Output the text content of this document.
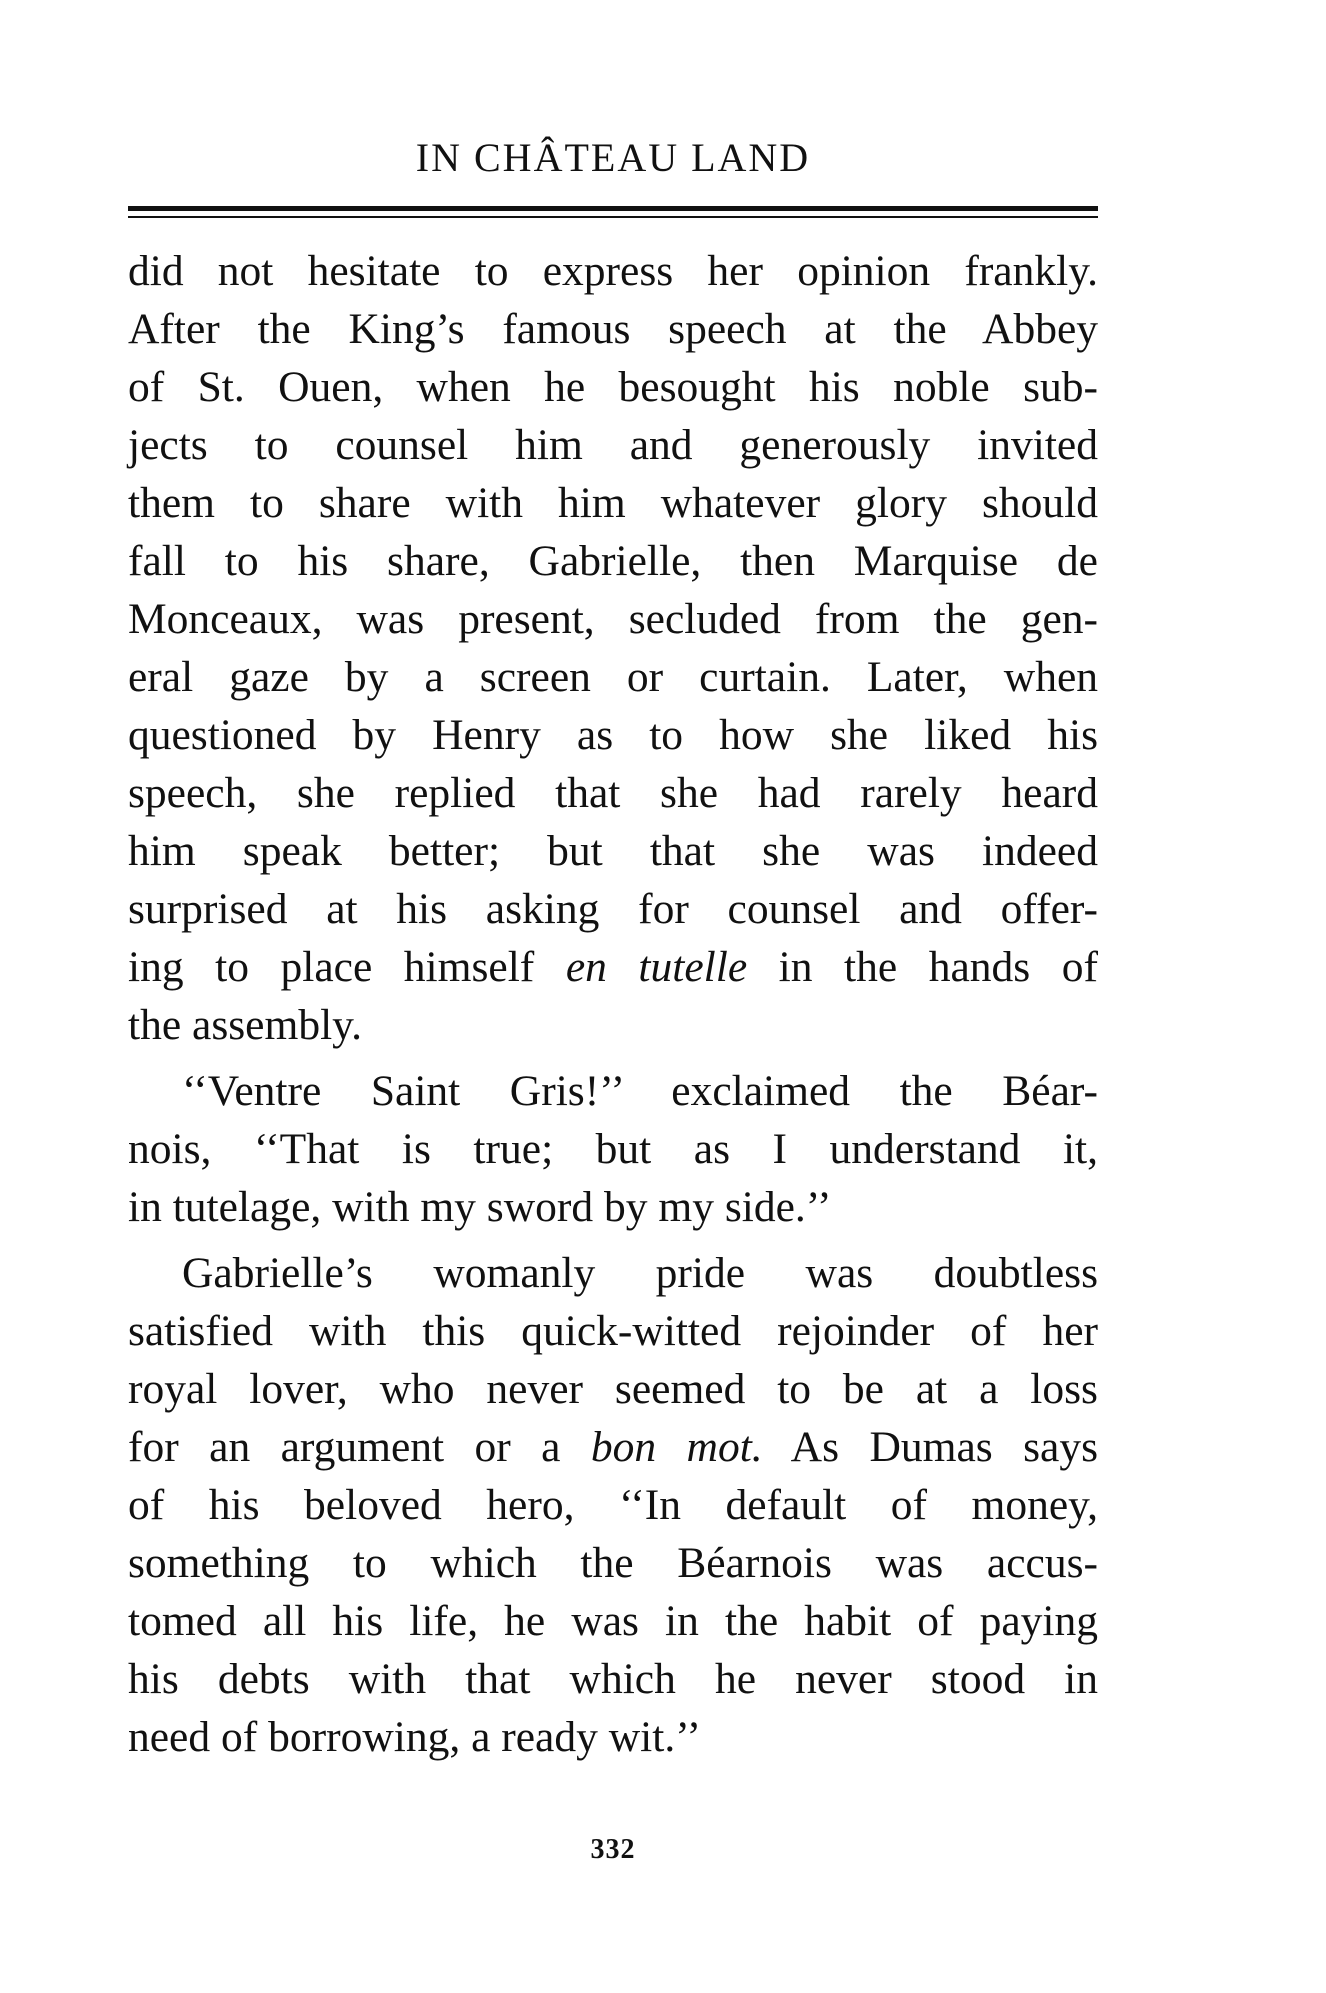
IN CHÂTEAU LAND
did not hesitate to express her opinion frankly.
After the King’s famous speech at the Abbey
of St. Ouen, when he besought his noble sub-
jects to counsel him and generously invited
them to share with him whatever glory should
fall to his share, Gabrielle, then Marquise de
Monceaux, was present, secluded from the gen-
eral gaze by a screen or curtain. Later, when
questioned by Henry as to how she liked his
speech, she replied that she had rarely heard
him speak better; but that she was indeed
surprised at his asking for counsel and offer-
ing to place himself en tutelle in the hands of
the assembly.
‘‘Ventre Saint Gris!’’ exclaimed the Béar-
nois, ‘‘That is true; but as I understand it,
in tutelage, with my sword by my side.’’
Gabrielle’s womanly pride was doubtless
satisfied with this quick-witted rejoinder of her
royal lover, who never seemed to be at a loss
for an argument or a bon mot. As Dumas says
of his beloved hero, ‘‘In default of money,
something to which the Béarnois was accus-
tomed all his life, he was in the habit of paying
his debts with that which he never stood in
need of borrowing, a ready wit.’’
332
